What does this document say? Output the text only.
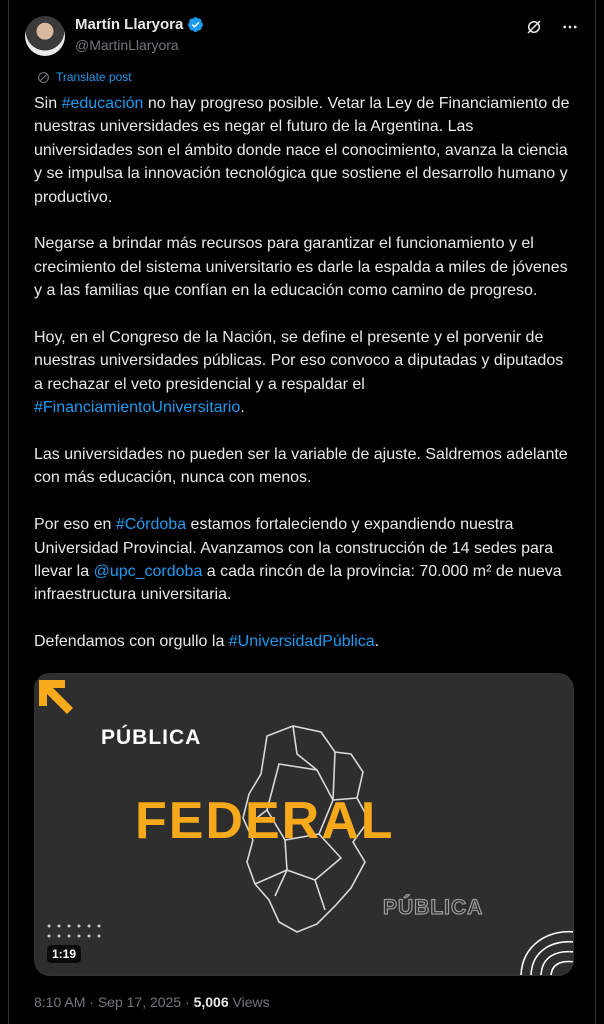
Martín Llaryora
@MartinLlaryora
Translate post

Sin #educación no hay progreso posible. Vetar la Ley de Financiamiento de nuestras universidades es negar el futuro de la Argentina. Las universidades son el ámbito donde nace el conocimiento, avanza la ciencia y se impulsa la innovación tecnológica que sostiene el desarrollo humano y productivo.

Negarse a brindar más recursos para garantizar el funcionamiento y el crecimiento del sistema universitario es darle la espalda a miles de jóvenes y a las familias que confían en la educación como camino de progreso.

Hoy, en el Congreso de la Nación, se define el presente y el porvenir de nuestras universidades públicas. Por eso convoco a diputadas y diputados a rechazar el veto presidencial y a respaldar el #FinanciamientoUniversitario.

Las universidades no pueden ser la variable de ajuste. Saldremos adelante con más educación, nunca con menos.

Por eso en #Córdoba estamos fortaleciendo y expandiendo nuestra Universidad Provincial. Avanzamos con la construcción de 14 sedes para llevar la @upc_cordoba a cada rincón de la provincia: 70.000 m² de nueva infraestructura universitaria.

Defendamos con orgullo la #UniversidadPública.

PÚBLICA
FEDERAL
PÚBLICA
1:19
8:10 AM · Sep 17, 2025 · 5,006 Views
